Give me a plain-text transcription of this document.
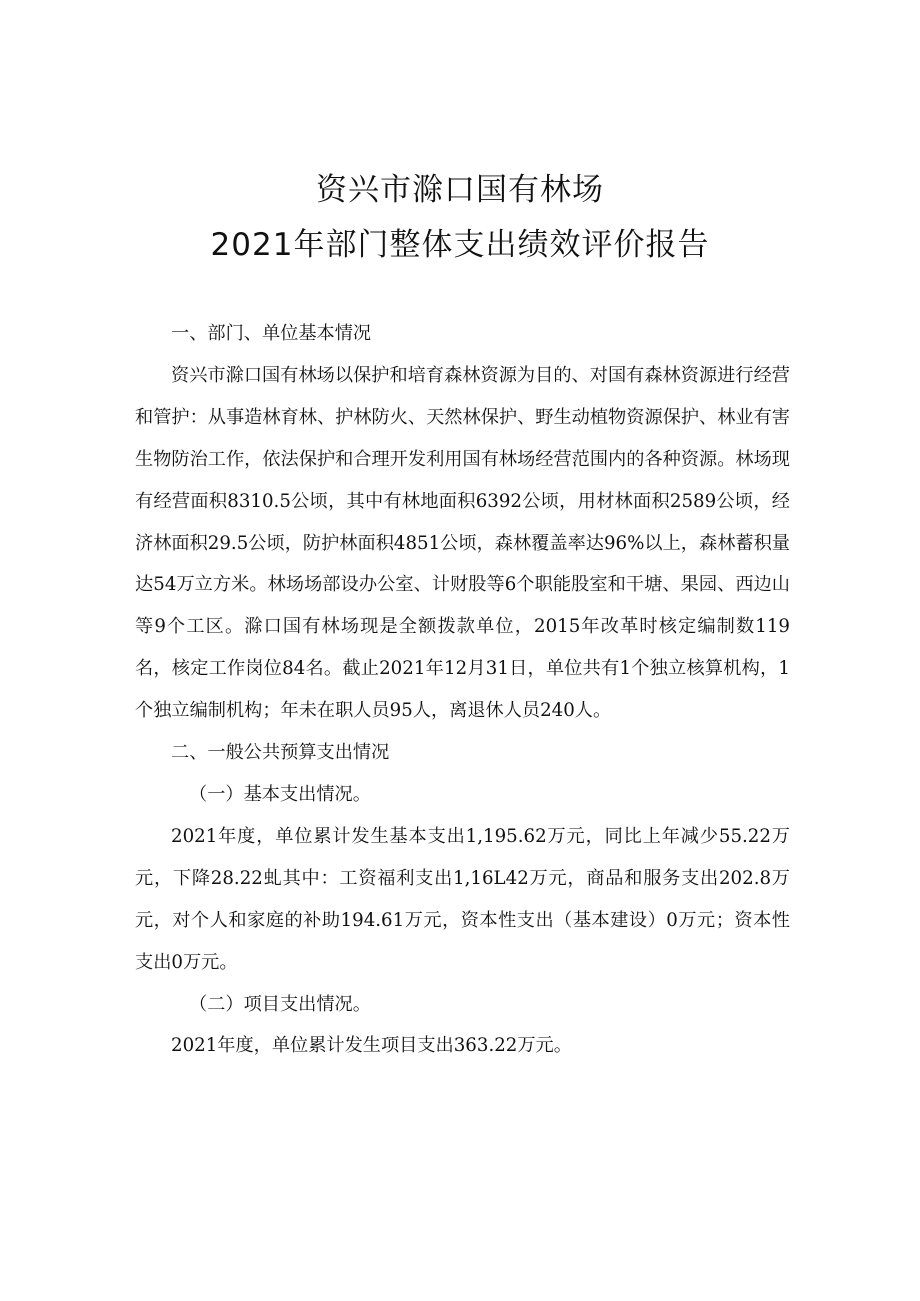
资兴市滁口国有林场
2021年部门整体支出绩效评价报告

一、部门、单位基本情况

资兴市滁口国有林场以保护和培育森林资源为目的、对国有森林资源进行经营和管护：从事造林育林、护林防火、天然林保护、野生动植物资源保护、林业有害生物防治工作，依法保护和合理开发利用国有林场经营范围内的各种资源。林场现有经营面积8310.5公顷，其中有林地面积6392公顷，用材林面积2589公顷，经济林面积29.5公顷，防护林面积4851公顷，森林覆盖率达96%以上，森林蓄积量达54万立方米。林场场部设办公室、计财股等6个职能股室和干塘、果园、西边山等9个工区。滁口国有林场现是全额拨款单位，2015年改革时核定编制数119名，核定工作岗位84名。截止2021年12月31日，单位共有1个独立核算机构，1个独立编制机构；年未在职人员95人，离退休人员240人。

二、一般公共预算支出情况

（一）基本支出情况。

2021年度，单位累计发生基本支出1,195.62万元，同比上年减少55.22万元，下降28.22虬其中：工资福利支出1,16L42万元，商品和服务支出202.8万元，对个人和家庭的补助194.61万元，资本性支出（基本建设）0万元；资本性支出0万元。

（二）项目支出情况。

2021年度，单位累计发生项目支出363.22万元。
